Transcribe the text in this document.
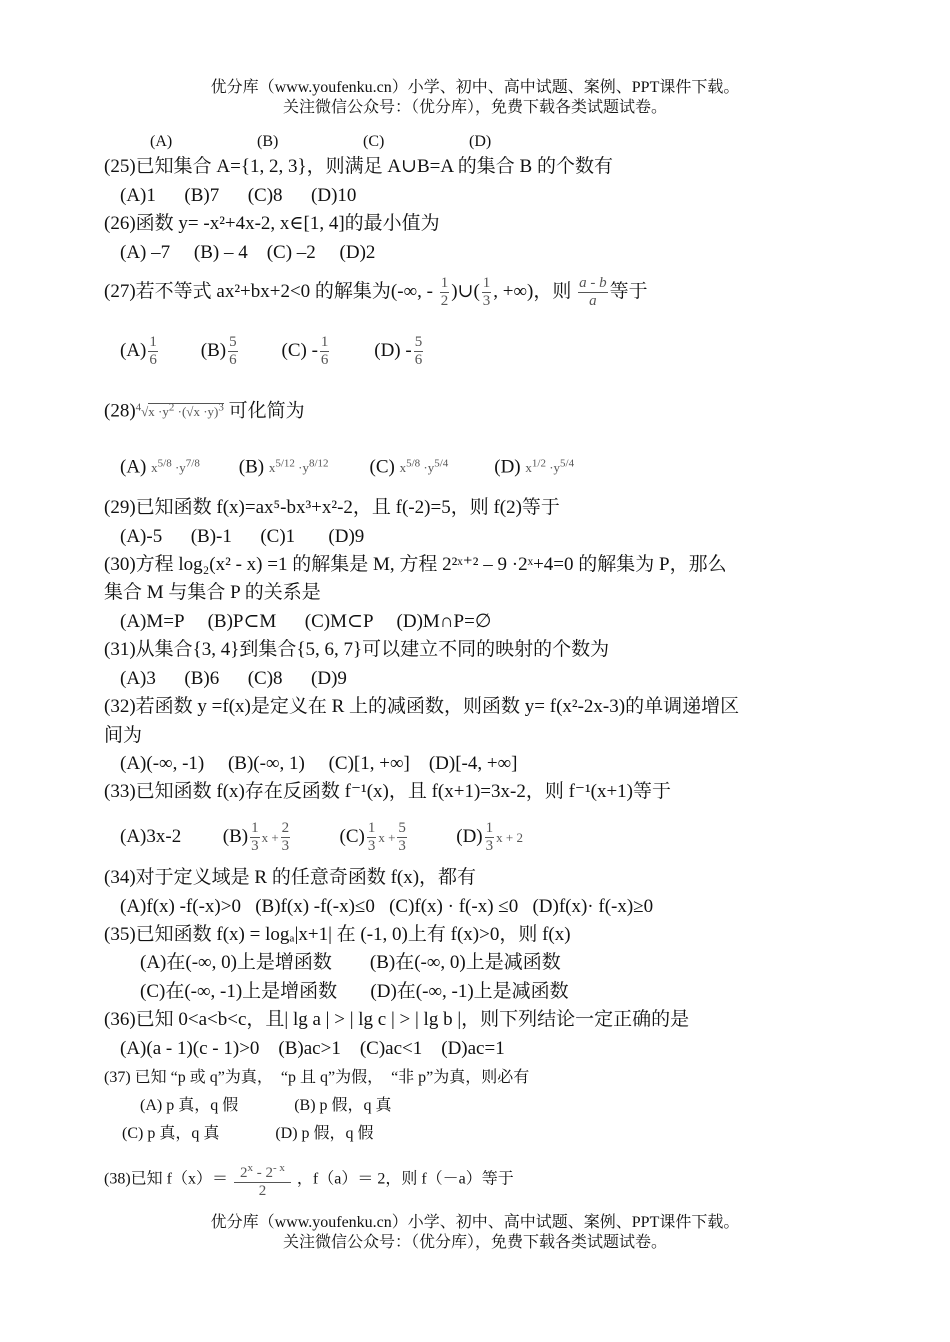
优分库（www.youfenku.cn）小学、初中、高中试题、案例、PPT课件下载。
关注微信公众号：（优分库），免费下载各类试题试卷。
(A)	(B)	(C)	(D)
(25)已知集合 A={1, 2, 3}，则满足 A∪B=A 的集合 B 的个数有
(A)1      (B)7      (C)8      (D)10
(26)函数 y= -x²+4x-2, x∈[1, 4]的最小值为
(A) –7     (B) – 4    (C) –2     (D)2
(27)若不等式 ax²+bx+2<0 的解集为(-∞, - $\frac{1}{2}$ )∪( $\frac{1}{3}$ , +∞)，则 $\frac{a - b}{a}$ 等于
$(A) \frac{1}{6} (B) \frac{5}{6} (C) - \frac{1}{6} (D) - \frac{5}{6}$
$(28)^4√x \cdot y^2 \cdot(√x \cdot y)^3$ 可化简为
(A) $x^{5/8} \cdot y^{7/8}$ (B) $x^{5/12} \cdot y^{8/12}$ (C) $x^{5/8} \cdot y^{5/4}$ (D) $x^{1/2} \cdot y^{5/4}$
(29)已知函数 f(x)=ax⁵-bx³+x²-2，且 f(-2)=5，则 f(2)等于
(A)-5      (B)-1      (C)1       (D)9
(30)方程 log₂(x² - x) =1 的解集是 M, 方程 2²ˣ⁺² – 9 ·2ˣ+4=0 的解集为 P，那么
集合 M 与集合 P 的关系是
(A)M=P     (B)P⊂M      (C)M⊂P     (D)M∩P=∅
(31)从集合{3, 4}到集合{5, 6, 7}可以建立不同的映射的个数为
(A)3      (B)6      (C)8      (D)9
(32)若函数 y =f(x)是定义在 R 上的减函数，则函数 y= f(x²-2x-3)的单调递增区
间为
(A)(-∞, -1)     (B)(-∞, 1)     (C)[1, +∞]    (D)[-4, +∞]
(33)已知函数 f(x)存在反函数 f⁻¹(x)，且 f(x+1)=3x-2，则 f⁻¹(x+1)等于
(A)3x-2 $(B) \frac{1}{3}$ $x + \frac{2}{3}$	$(C) \frac{1}{3}$ $x + \frac{5}{3}$	$(D) \frac{1}{3}$ x + 2
(34)对于定义域是 R 的任意奇函数 f(x)，都有
(A)f(x) -f(-x)>0   (B)f(x) -f(-x)≤0   (C)f(x) · f(-x) ≤0   (D)f(x)· f(-x)≥0
(35)已知函数 f(x) = logₐ|x+1| 在 (-1, 0)上有 f(x)>0，则 f(x)
(A)在(-∞, 0)上是增函数        (B)在(-∞, 0)上是减函数
(C)在(-∞, -1)上是增函数       (D)在(-∞, -1)上是减函数
(36)已知 0<a<b<c，且| lg a | > | lg c | > | lg b |，则下列结论一定正确的是
(A)(a - 1)(c - 1)>0    (B)ac>1    (C)ac<1    (D)ac=1
(37) 已知 “p 或 q”为真，  “p 且 q”为假，  “非 p”为真，则必有
(A) p 真，q 假              (B) p 假，q 真
(C) p 真，q 真              (D) p 假，q 假
(38)已知 $f(x)= \frac{2^x - 2^{- x}}{2}$ ，f（a）＝ 2，则 f（－a）等于
优分库（www.youfenku.cn）小学、初中、高中试题、案例、PPT课件下载。
关注微信公众号：（优分库），免费下载各类试题试卷。
